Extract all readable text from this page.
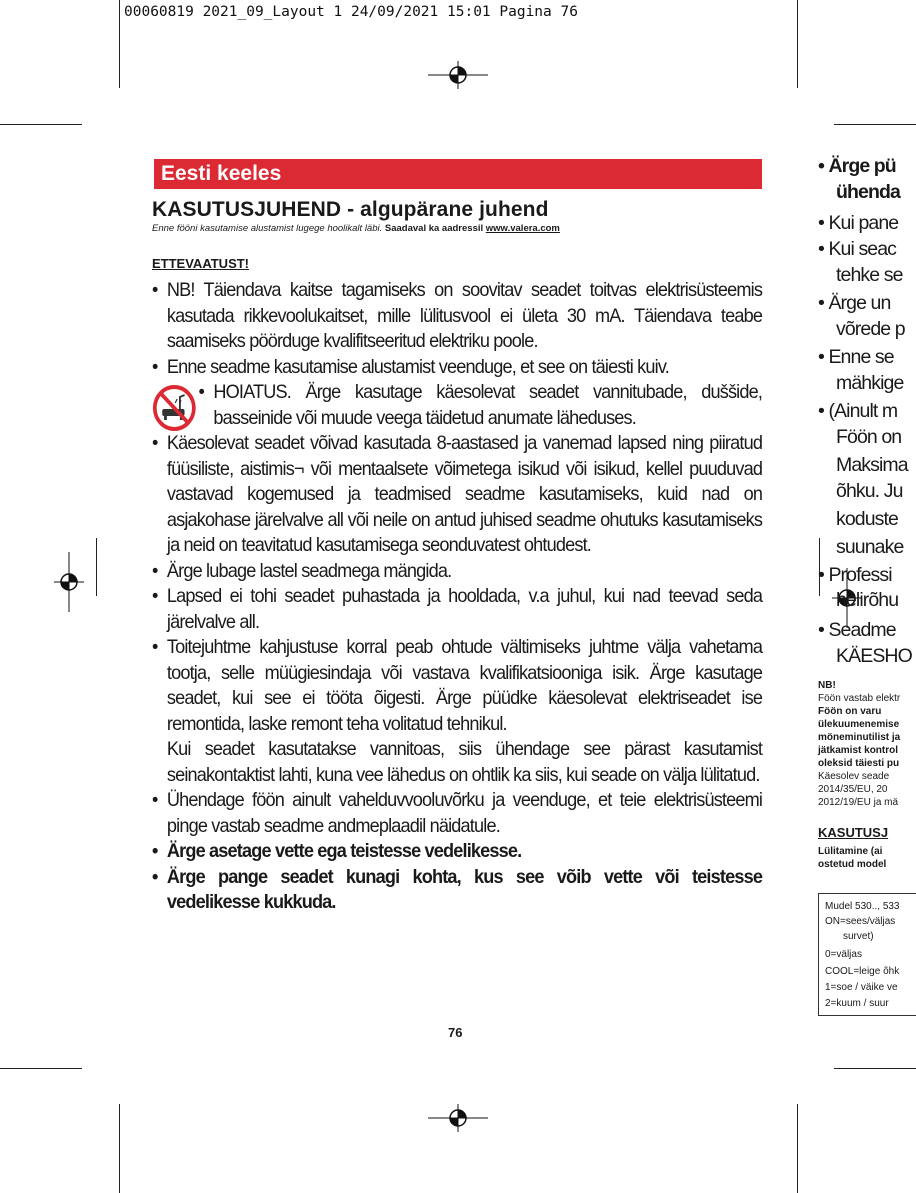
00060819 2021_09_Layout 1 24/09/2021 15:01 Pagina 76
Eesti keeles
KASUTUSJUHEND - algupärane juhend
Enne fööni kasutamise alustamist lugege hoolikalt läbi. Saadaval ka aadressil www.valera.com
ETTEVAATUST!

• NB! Täiendava kaitse tagamiseks on soovitav seadet toitvas elektrisüsteemis kasutada rikkevoolukaitset, mille lülitusvool ei ületa 30 mA. Täiendava teabe saamiseks pöörduge kvalifitseeritud elektriku poole.

• Enne seadme kasutamise alustamist veenduge, et see on täiesti kuiv.

• HOIATUS. Ärge kasutage käesolevat seadet vannitubade, duššide, basseinide või muude veega täidetud anumate läheduses.

• Käesolevat seadet võivad kasutada 8-aastased ja vanemad lapsed ning piiratud füüsiliste, aistimis¬ või mentaalsete võimetega isikud või isikud, kellel puuduvad vastavad kogemused ja teadmised seadme kasutamiseks, kuid nad on asjakohase järelvalve all või neile on antud juhised seadme ohutuks kasutamiseks ja neid on teavitatud kasutamisega seonduvatest ohtudest.

• Ärge lubage lastel seadmega mängida.

• Lapsed ei tohi seadet puhastada ja hooldada, v.a juhul, kui nad teevad seda järelvalve all.

• Toitejuhtme kahjustuse korral peab ohtude vältimiseks juhtme välja vahetama tootja, selle müügiesindaja või vastava kvalifikatsiooniga isik. Ärge kasutage seadet, kui see ei tööta õigesti. Ärge püüdke käesolevat elektriseadet ise remontida, laske remont teha volitatud tehnikul.

Kui seadet kasutatakse vannitoas, siis ühendage see pärast kasutamist seinakontaktist lahti, kuna vee lähedus on ohtlik ka siis, kui seade on välja lülitatud.

• Ühendage föön ainult vahelduvvooluvõrku ja veenduge, et teie elektrisüsteemi pinge vastab seadme andmeplaadil näidatule.

• Ärge asetage vette ega teistesse vedelikesse.

• Ärge pange seadet kunagi kohta, kus see võib vette või teistesse vedelikesse kukkuda.

76
• Ärge pü
ühenda
• Kui pane
• Kui seac
tehke se
• Ärge un
võrede p
• Enne se
mähkige
• (Ainult m
Föön on
Maksima
õhku. Ju
koduste
suunake
• Professi
helirõhu
• Seadme
KÄESHO
NB!
Föön vastab elektr
Föön on varu
ülekuumenemise
möneminutilist ja
jätkamist kontrol
oleksid täiesti pu
Käesolev seade
2014/35/EU, 20
2012/19/EU ja mä
KASUTUSJ
Lülitamine (ai
ostetud model
Mudel 530.., 533
ON=sees/väljas
survet)
0=väljas
COOL=leige õhk
1=soe / väike ve
2=kuum / suur
